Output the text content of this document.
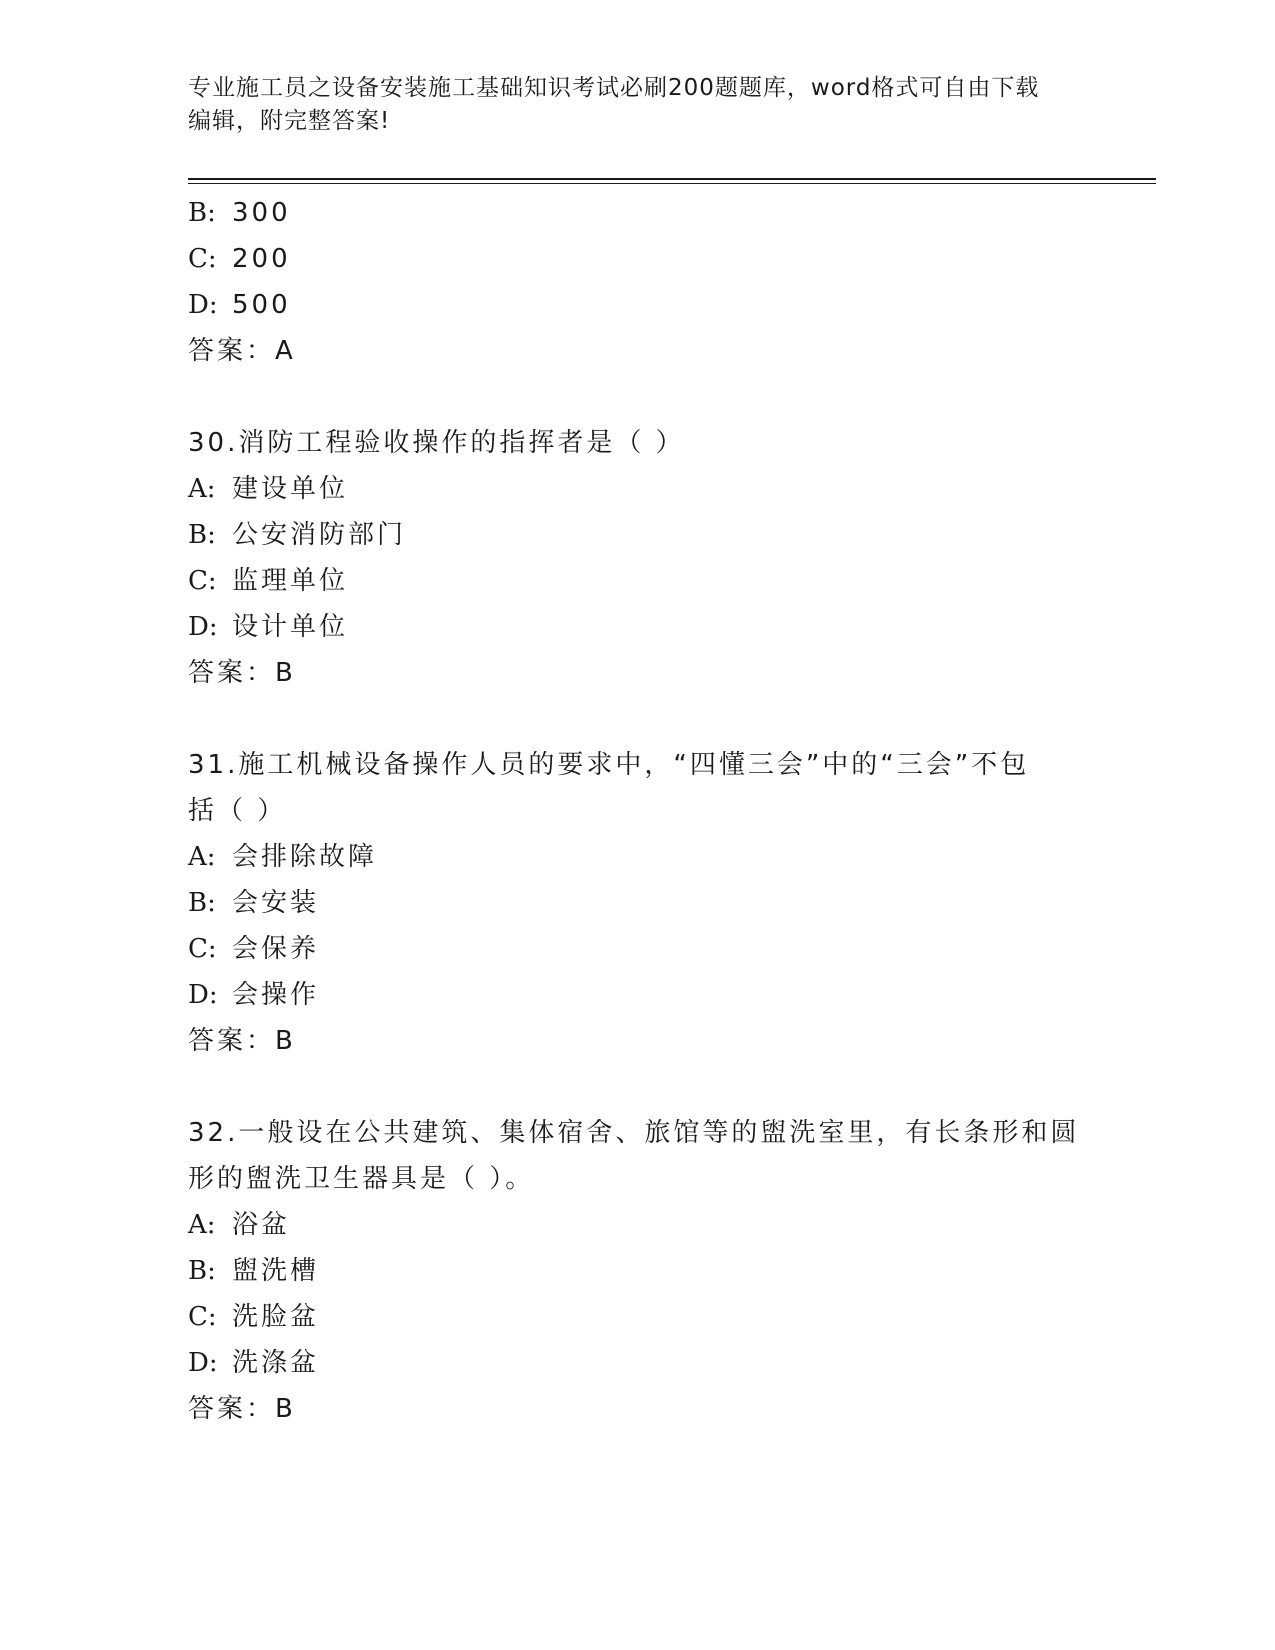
专业施工员之设备安装施工基础知识考试必刷200题题库，word格式可自由下载
编辑，附完整答案!
B: 300
C: 200
D: 500
答案：A
30.消防工程验收操作的指挥者是（ ）
A: 建设单位
B: 公安消防部门
C: 监理单位
D: 设计单位
答案：B
31.施工机械设备操作人员的要求中，“四懂三会”中的“三会”不包
括（ ）
A: 会排除故障
B: 会安装
C: 会保养
D: 会操作
答案：B
32.一般设在公共建筑、集体宿舍、旅馆等的盥洗室里，有长条形和圆
形的盥洗卫生器具是（ ）。
A: 浴盆
B: 盥洗槽
C: 洗脸盆
D: 洗涤盆
答案：B
